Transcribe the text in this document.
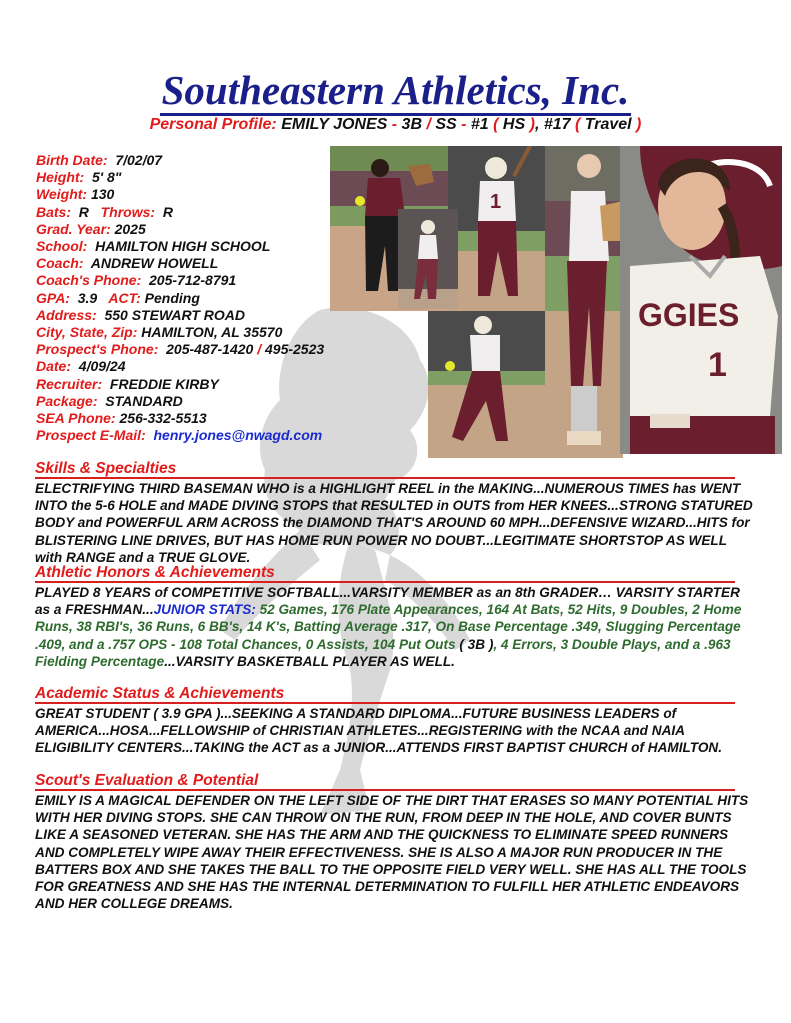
Southeastern Athletics, Inc.
Personal Profile: EMILY JONES - 3B / SS - #1 ( HS ), #17 ( Travel )
Birth Date: 7/02/07
Height: 5' 8"
Weight: 130
Bats: R Throws: R
Grad. Year: 2025
School: HAMILTON HIGH SCHOOL
Coach: ANDREW HOWELL
Coach's Phone: 205-712-8791
GPA: 3.9 ACT: Pending
Address: 550 STEWART ROAD
City, State, Zip: HAMILTON, AL 35570
Prospect's Phone: 205-487-1420 / 495-2523
Date: 4/09/24
Recruiter: FREDDIE KIRBY
Package: STANDARD
SEA Phone: 256-332-5513
Prospect E-Mail: henry.jones@nwagd.com
1
GGIES
1
Skills & Specialties
ELECTRIFYING THIRD BASEMAN WHO is a HIGHLIGHT REEL in the MAKING...NUMEROUS TIMES has WENT INTO the 5-6 HOLE and MADE DIVING STOPS that RESULTED in OUTS from HER KNEES...STRONG STATURED BODY and POWERFUL ARM ACROSS the DIAMOND THAT'S AROUND 60 MPH...DEFENSIVE WIZARD...HITS for BLISTERING LINE DRIVES, BUT HAS HOME RUN POWER NO DOUBT...LEGITIMATE SHORTSTOP AS WELL with RANGE and a TRUE GLOVE.
Athletic Honors & Achievements
PLAYED 8 YEARS of COMPETITIVE SOFTBALL...VARSITY MEMBER as an 8th GRADER… VARSITY STARTER as a FRESHMAN...JUNIOR STATS: 52 Games, 176 Plate Appearances, 164 At Bats, 52 Hits, 9 Doubles, 2 Home Runs, 38 RBI's, 36 Runs, 6 BB's, 14 K's, Batting Average .317, On Base Percentage .349, Slugging Percentage .409, and a .757 OPS - 108 Total Chances, 0 Assists, 104 Put Outs ( 3B ), 4 Errors, 3 Double Plays, and a .963 Fielding Percentage...VARSITY BASKETBALL PLAYER AS WELL.
Academic Status & Achievements
GREAT STUDENT ( 3.9 GPA )...SEEKING A STANDARD DIPLOMA...FUTURE BUSINESS LEADERS of AMERICA...HOSA...FELLOWSHIP of CHRISTIAN ATHLETES...REGISTERING with the NCAA and NAIA ELIGIBILITY CENTERS...TAKING the ACT as a JUNIOR...ATTENDS FIRST BAPTIST CHURCH of HAMILTON.
Scout's Evaluation & Potential
EMILY IS A MAGICAL DEFENDER ON THE LEFT SIDE OF THE DIRT THAT ERASES SO MANY POTENTIAL HITS WITH HER DIVING STOPS. SHE CAN THROW ON THE RUN, FROM DEEP IN THE HOLE, AND COVER BUNTS LIKE A SEASONED VETERAN. SHE HAS THE ARM AND THE QUICKNESS TO ELIMINATE SPEED RUNNERS AND COMPLETELY WIPE AWAY THEIR EFFECTIVENESS. SHE IS ALSO A MAJOR RUN PRODUCER IN THE BATTERS BOX AND SHE TAKES THE BALL TO THE OPPOSITE FIELD VERY WELL. SHE HAS ALL THE TOOLS FOR GREATNESS AND SHE HAS THE INTERNAL DETERMINATION TO FULFILL HER ATHLETIC ENDEAVORS AND HER COLLEGE DREAMS.
